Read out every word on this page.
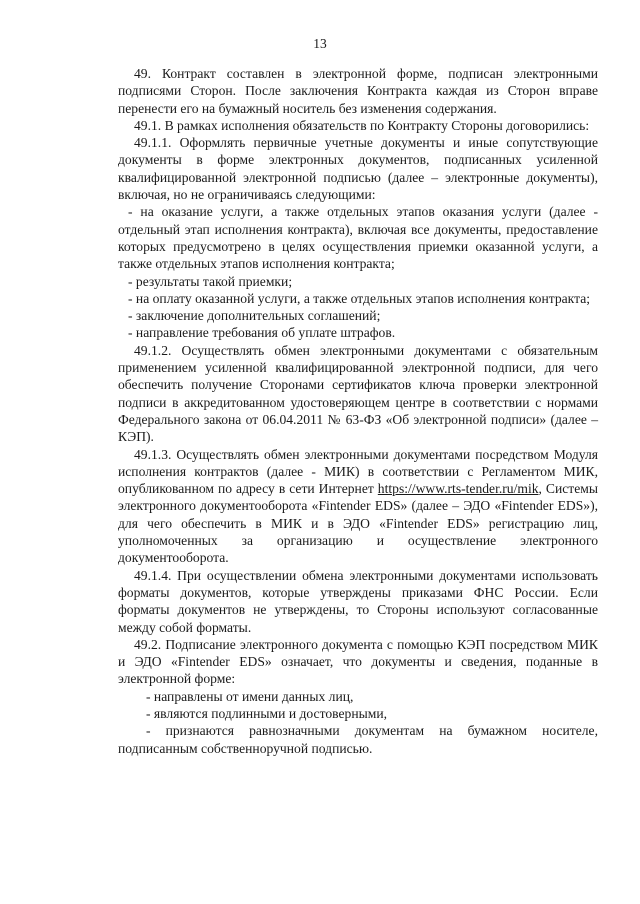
13

49. Контракт составлен в электронной форме, подписан электронными подписями Сторон. После заключения Контракта каждая из Сторон вправе перенести его на бумажный носитель без изменения содержания.

49.1. В рамках исполнения обязательств по Контракту Стороны договорились:

49.1.1. Оформлять первичные учетные документы и иные сопутствующие документы в форме электронных документов, подписанных усиленной квалифицированной электронной подписью (далее – электронные документы), включая, но не ограничиваясь следующими:

- на оказание услуги, а также отдельных этапов оказания услуги (далее - отдельный этап исполнения контракта), включая все документы, предоставление которых предусмотрено в целях осуществления приемки оказанной услуги, а также отдельных этапов исполнения контракта;

- результаты такой приемки;

- на оплату оказанной услуги, а также отдельных этапов исполнения контракта;

- заключение дополнительных соглашений;

- направление требования об уплате штрафов.

49.1.2. Осуществлять обмен электронными документами с обязательным применением усиленной квалифицированной электронной подписи, для чего обеспечить получение Сторонами сертификатов ключа проверки электронной подписи в аккредитованном удостоверяющем центре в соответствии с нормами Федерального закона от 06.04.2011 № 63-ФЗ «Об электронной подписи» (далее – КЭП).

49.1.3. Осуществлять обмен электронными документами посредством Модуля исполнения контрактов (далее - МИК) в соответствии с Регламентом МИК, опубликованном по адресу в сети Интернет https://www.rts-tender.ru/mik, Системы электронного документооборота «Fintender EDS» (далее – ЭДО «Fintender EDS»), для чего обеспечить в МИК и в ЭДО «Fintender EDS» регистрацию лиц, уполномоченных за организацию и осуществление электронного документооборота.

49.1.4. При осуществлении обмена электронными документами использовать форматы документов, которые утверждены приказами ФНС России. Если форматы документов не утверждены, то Стороны используют согласованные между собой форматы.

49.2. Подписание электронного документа с помощью КЭП посредством МИК и ЭДО «Fintender EDS» означает, что документы и сведения, поданные в электронной форме:

- направлены от имени данных лиц,

- являются подлинными и достоверными,

- признаются равнозначными документам на бумажном носителе, подписанным собственноручной подписью.
